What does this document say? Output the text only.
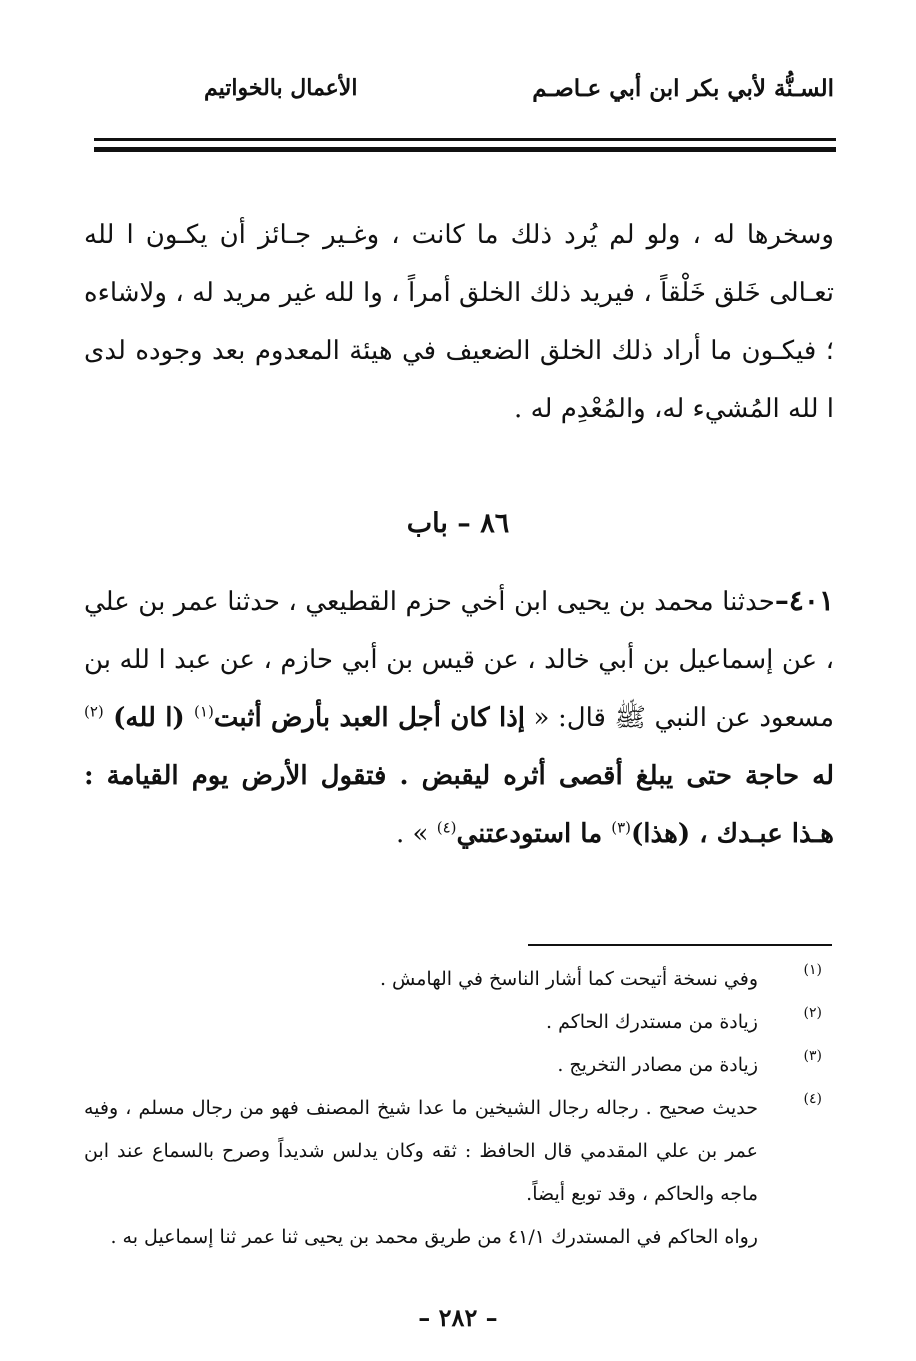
السـنُّة لأبي بكر ابن أبي عـاصـم
الأعمال بالخواتيم

وسخرها له ، ولو لم يُرد ذلك ما كانت ، وغـير جـائز أن يكـون ا لله تعـالى خَلق خَلْقاً ، فيريد ذلك الخلق أمراً ، وا لله غير مريد له ، ولاشاءه ؛ فيكـون ما أراد ذلك الخلق الضعيف في هيئة المعدوم بعد وجوده لدى ا لله المُشيء له، والمُعْدِم له .

٨٦ – باب

٤٠١–حدثنا محمد بن يحيى ابن أخي حزم القطيعي ، حدثنا عمر بن علي ، عن إسماعيل بن أبي خالد ، عن قيس بن أبي حازم ، عن عبد ا لله بن مسعود عن النبي ﷺ قال: « إذا كان أجل العبد بأرض أثبت$^{(١)}$ (ا لله) $^{(٢)}$ له حاجة حتى يبلغ أقصى أثره ليقبض . فتقول الأرض يوم القيامة : هـذا عبـدك ، (هذا)$^{(٣)}$ ما استودعتني$^{(٤)}$ » .

(١)
وفي نسخة أتيحت كما أشار الناسخ في الهامش .

(٢)
زيادة من مستدرك الحاكم .

(٣)
زيادة من مصادر التخريج .

(٤)
حديث صحيح . رجاله رجال الشيخين ما عدا شيخ المصنف فهو من رجال مسلم ، وفيه عمر بن علي المقدمي قال الحافظ : ثقه وكان يدلس شديداً وصرح بالسماع عند ابن ماجه والحاكم ، وقد توبع أيضاً.

رواه الحاكم في المستدرك ٤١/١ من طريق محمد بن يحيى ثنا عمر ثنا إسماعيل به .

– ٢٨٢ –
